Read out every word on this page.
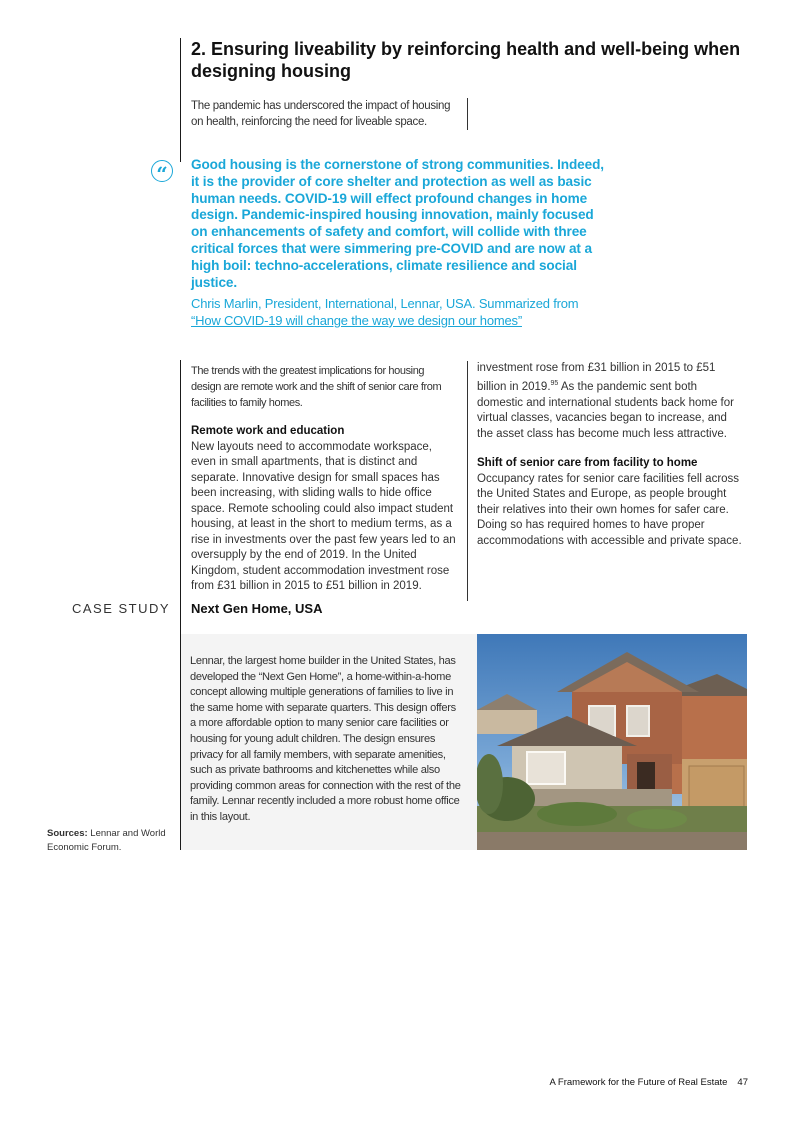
2. Ensuring liveability by reinforcing health and well-being when designing housing

The pandemic has underscored the impact of housing on health, reinforcing the need for liveable space.

“	Good housing is the cornerstone of strong communities. Indeed, it is the provider of core shelter and protection as well as basic human needs. COVID-19 will effect profound changes in home design. Pandemic-inspired housing innovation, mainly focused on enhancements of safety and comfort, will collide with three critical forces that were simmering pre-COVID and are now at a high boil: techno-accelerations, climate resilience and social justice.

Chris Marlin, President, International, Lennar, USA. Summarized from “How COVID-19 will change the way we design our homes”

The trends with the greatest implications for housing design are remote work and the shift of senior care from facilities to family homes.

Remote work and education

New layouts need to accommodate workspace, even in small apartments, that is distinct and separate. Innovative design for small spaces has been increasing, with sliding walls to hide office space. Remote schooling could also impact student housing, at least in the short to medium terms, as a rise in investments over the past few years led to an oversupply by the end of 2019. In the United Kingdom, student accommodation investment rose from £31 billion in 2015 to £51 billion in 2019.

investment rose from £31 billion in 2015 to £51 billion in 2019.95 As the pandemic sent both domestic and international students back home for virtual classes, vacancies began to increase, and the asset class has become much less attractive.

Shift of senior care from facility to home

Occupancy rates for senior care facilities fell across the United States and Europe, as people brought their relatives into their own homes for safer care. Doing so has required homes to have proper accommodations with accessible and private space.

CASE STUDY	Next Gen Home, USA

Lennar, the largest home builder in the United States, has developed the “Next Gen Home”, a home-within-a-home concept allowing multiple generations of families to live in the same home with separate quarters. This design offers a more affordable option to many senior care facilities or housing for young adult children. The design ensures privacy for all family members, with separate amenities, such as private bathrooms and kitchenettes while also providing common areas for connection with the rest of the family. Lennar recently included a more robust home office in this layout.

Sources: Lennar and World Economic Forum.
A Framework for the Future of Real Estate 47
